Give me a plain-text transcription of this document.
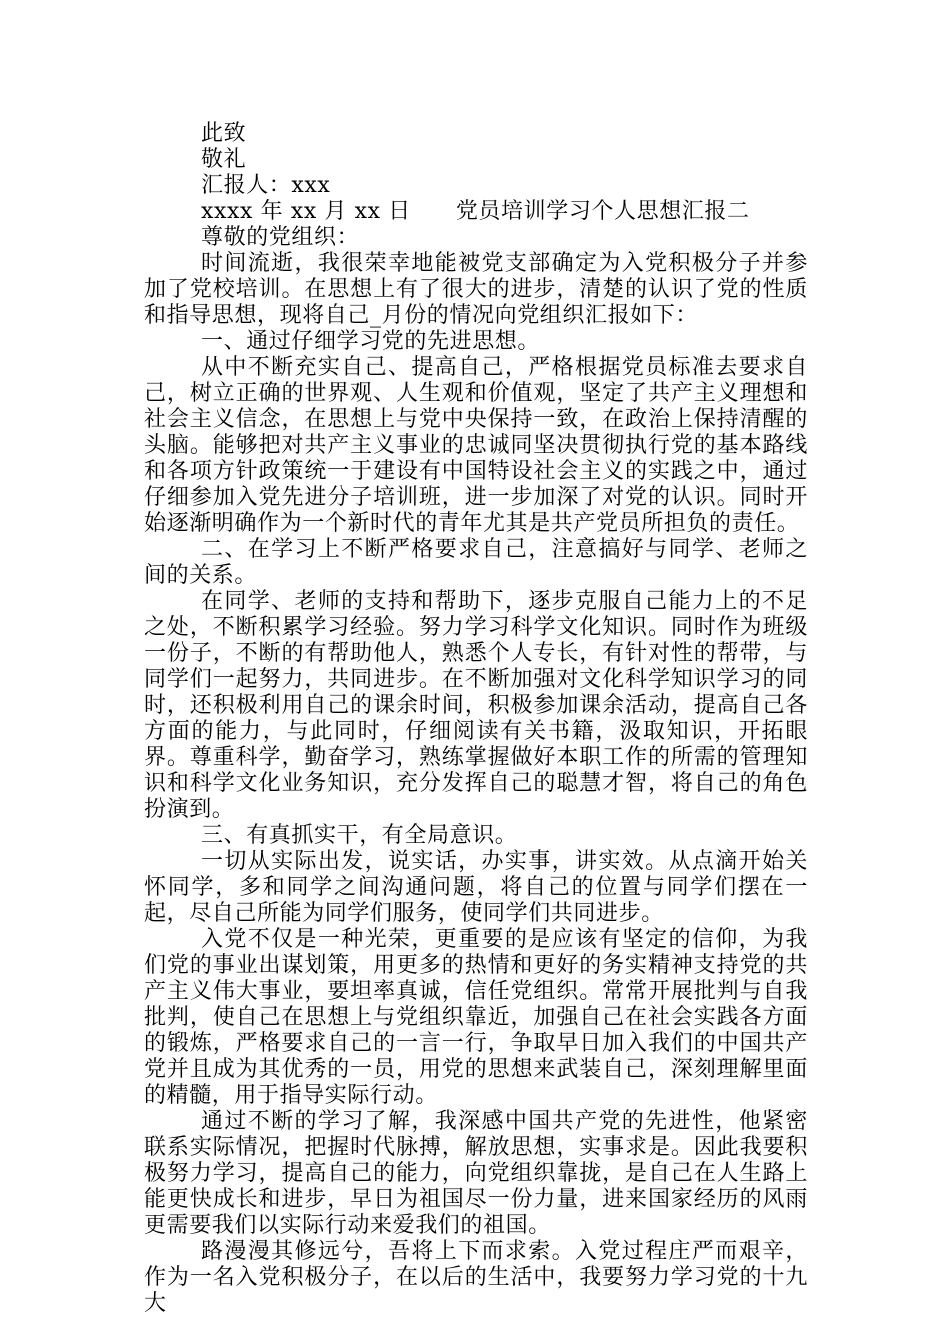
此致
敬礼
汇报人：xxx
xxxx 年 xx 月 xx 日 党员培训学习个人思想汇报二
尊敬的党组织：

时间流逝，我很荣幸地能被党支部确定为入党积极分子并参加了党校培训。在思想上有了很大的进步，清楚的认识了党的性质和指导思想，现将自己_月份的情况向党组织汇报如下：

一、通过仔细学习党的先进思想。

从中不断充实自己、提高自己，严格根据党员标准去要求自己，树立正确的世界观、人生观和价值观，坚定了共产主义理想和社会主义信念，在思想上与党中央保持一致，在政治上保持清醒的头脑。能够把对共产主义事业的忠诚同坚决贯彻执行党的基本路线和各项方针政策统一于建设有中国特设社会主义的实践之中，通过仔细参加入党先进分子培训班，进一步加深了对党的认识。同时开始逐渐明确作为一个新时代的青年尤其是共产党员所担负的责任。

二、在学习上不断严格要求自己，注意搞好与同学、老师之间的关系。

在同学、老师的支持和帮助下，逐步克服自己能力上的不足之处，不断积累学习经验。努力学习科学文化知识。同时作为班级一份子，不断的有帮助他人，熟悉个人专长，有针对性的帮带，与同学们一起努力，共同进步。在不断加强对文化科学知识学习的同时，还积极利用自己的课余时间，积极参加课余活动，提高自己各方面的能力，与此同时，仔细阅读有关书籍，汲取知识，开拓眼界。尊重科学，勤奋学习，熟练掌握做好本职工作的所需的管理知识和科学文化业务知识，充分发挥自己的聪慧才智，将自己的角色扮演到。

三、有真抓实干，有全局意识。

一切从实际出发，说实话，办实事，讲实效。从点滴开始关怀同学，多和同学之间沟通问题，将自己的位置与同学们摆在一起，尽自己所能为同学们服务，使同学们共同进步。

入党不仅是一种光荣，更重要的是应该有坚定的信仰，为我们党的事业出谋划策，用更多的热情和更好的务实精神支持党的共产主义伟大事业，要坦率真诚，信任党组织。常常开展批判与自我批判，使自己在思想上与党组织靠近，加强自己在社会实践各方面的锻炼，严格要求自己的一言一行，争取早日加入我们的中国共产党并且成为其优秀的一员，用党的思想来武装自己，深刻理解里面的精髓，用于指导实际行动。

通过不断的学习了解，我深感中国共产党的先进性，他紧密联系实际情况，把握时代脉搏，解放思想，实事求是。因此我要积极努力学习，提高自己的能力，向党组织靠拢，是自己在人生路上能更快成长和进步，早日为祖国尽一份力量，进来国家经历的风雨更需要我们以实际行动来爱我们的祖国。

路漫漫其修远兮，吾将上下而求索。入党过程庄严而艰辛，作为一名入党积极分子，在以后的生活中，我要努力学习党的十九大
